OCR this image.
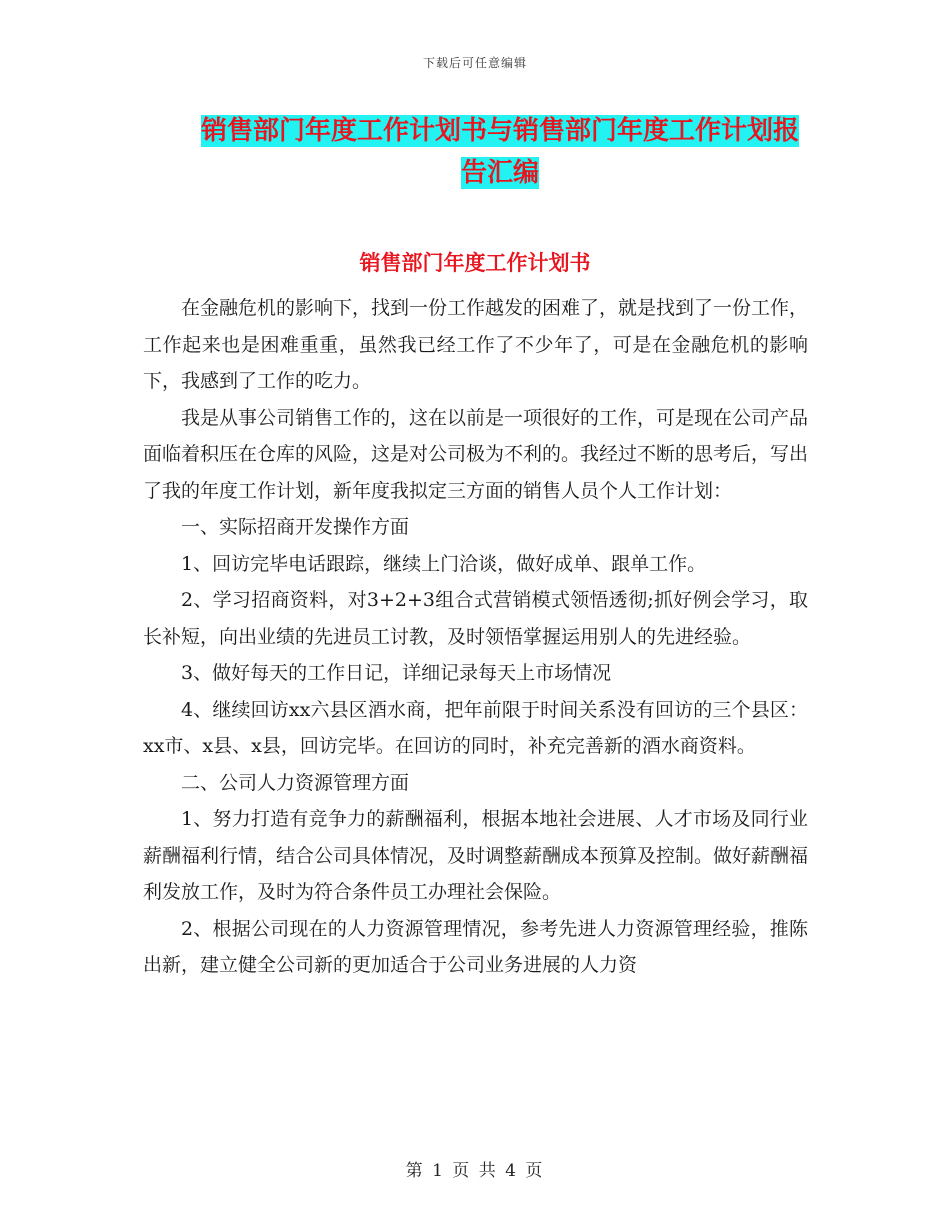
下载后可任意编辑
销售部门年度工作计划书与销售部门年度工作计划报
告汇编
销售部门年度工作计划书

在金融危机的影响下，找到一份工作越发的困难了，就是找到了一份工作，工作起来也是困难重重，虽然我已经工作了不少年了，可是在金融危机的影响下，我感到了工作的吃力。

我是从事公司销售工作的，这在以前是一项很好的工作，可是现在公司产品面临着积压在仓库的风险，这是对公司极为不利的。我经过不断的思考后，写出了我的年度工作计划，新年度我拟定三方面的销售人员个人工作计划：

一、实际招商开发操作方面

1、回访完毕电话跟踪，继续上门洽谈，做好成单、跟单工作。

2、学习招商资料，对3+2+3组合式营销模式领悟透彻;抓好例会学习，取长补短，向出业绩的先进员工讨教，及时领悟掌握运用别人的先进经验。

3、做好每天的工作日记，详细记录每天上市场情况

4、继续回访xx六县区酒水商，把年前限于时间关系没有回访的三个县区：xx市、x县、x县，回访完毕。在回访的同时，补充完善新的酒水商资料。

二、公司人力资源管理方面

1、努力打造有竞争力的薪酬福利，根据本地社会进展、人才市场及同行业薪酬福利行情，结合公司具体情况，及时调整薪酬成本预算及控制。做好薪酬福利发放工作，及时为符合条件员工办理社会保险。

2、根据公司现在的人力资源管理情况，参考先进人力资源管理经验，推陈出新，建立健全公司新的更加适合于公司业务进展的人力资

第 1 页 共 4 页
